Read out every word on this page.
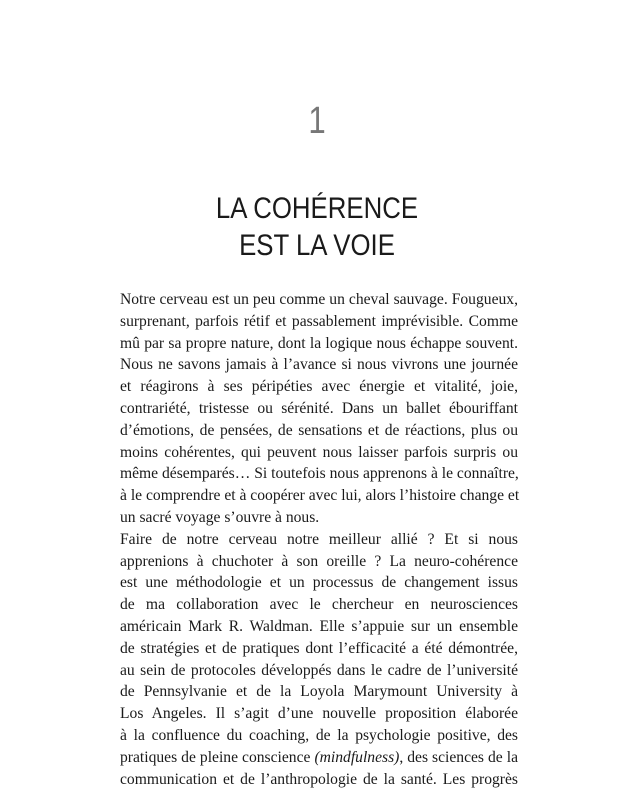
1
LA COHÉRENCE
EST LA VOIE
Notre cerveau est un peu comme un cheval sauvage. Fougueux,
surprenant, parfois rétif et passablement imprévisible. Comme
mû par sa propre nature, dont la logique nous échappe souvent.
Nous ne savons jamais à l’avance si nous vivrons une journée
et réagirons à ses péripéties avec énergie et vitalité, joie,
contrariété, tristesse ou sérénité. Dans un ballet ébouriffant
d’émotions, de pensées, de sensations et de réactions, plus ou
moins cohérentes, qui peuvent nous laisser parfois surpris ou
même désemparés… Si toutefois nous apprenons à le connaître,
à le comprendre et à coopérer avec lui, alors l’histoire change et
un sacré voyage s’ouvre à nous.
Faire de notre cerveau notre meilleur allié ? Et si nous
apprenions à chuchoter à son oreille ? La neuro-cohérence
est une méthodologie et un processus de changement issus
de ma collaboration avec le chercheur en neurosciences
américain Mark R. Waldman. Elle s’appuie sur un ensemble
de stratégies et de pratiques dont l’efficacité a été démontrée,
au sein de protocoles développés dans le cadre de l’université
de Pennsylvanie et de la Loyola Marymount University à
Los Angeles. Il s’agit d’une nouvelle proposition élaborée
à la confluence du coaching, de la psychologie positive, des
pratiques de pleine conscience (mindfulness), des sciences de la
communication et de l’anthropologie de la santé. Les progrès
